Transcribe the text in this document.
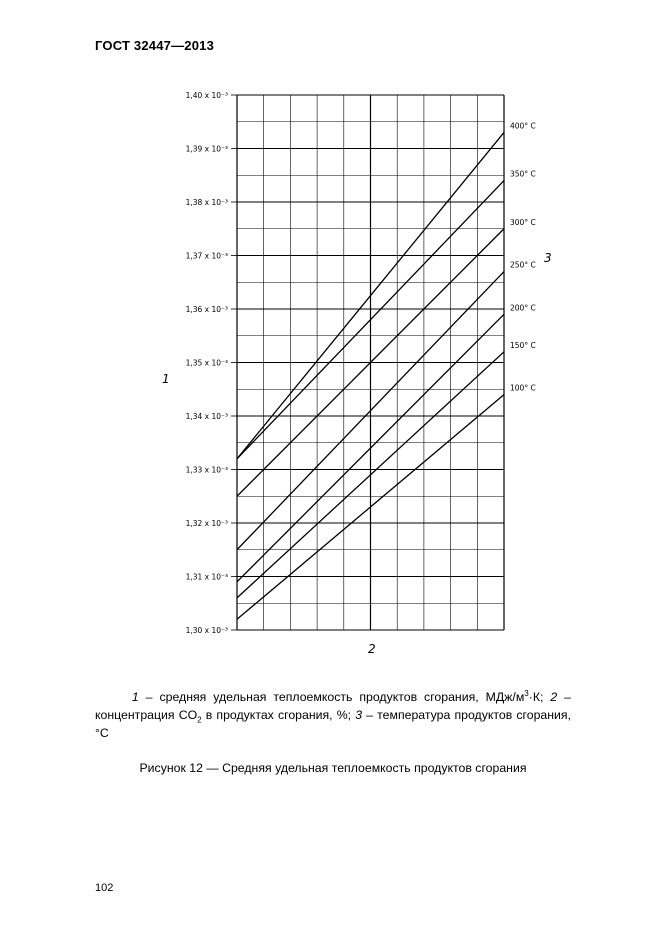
ГОСТ 32447—2013
1,30 x 10⁻³
1,31 x 10⁻³
1,32 x 10⁻³
1,33 x 10⁻³
1,34 x 10⁻³
1,35 x 10⁻³
1,36 x 10⁻³
1,37 x 10⁻³
1,38 x 10⁻³
1,39 x 10⁻³
1,40 x 10⁻³
100° С
150° С
200° С
250° С
300° С
350° С
400° С
1
2
3
   1 – средняя удельная теплоемкость продуктов сгорания, МДж/$м^3\cdot К$; 2 – концентрация $CO_2$ в продуктах сгорания, %; 3 – температура продуктов сгорания, °С
Рисунок 12 — Средняя удельная теплоемкость продуктов сгорания
102
